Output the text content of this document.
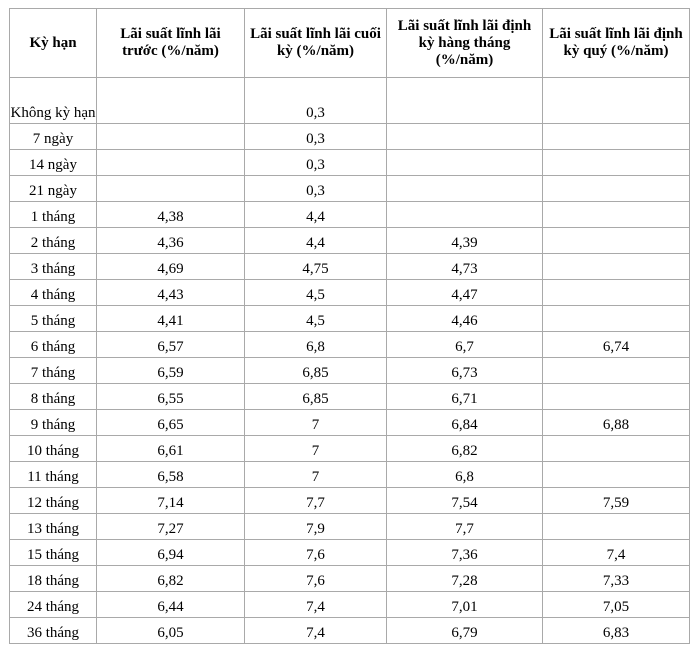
Kỳ hạn	Lãi suất lĩnh lãi trước (%/năm)	Lãi suất lĩnh lãi cuối kỳ (%/năm)	Lãi suất lĩnh lãi định kỳ hàng tháng (%/năm)	Lãi suất lĩnh lãi định kỳ quý (%/năm)
Không kỳ hạn		0,3		
7 ngày		0,3		
14 ngày		0,3		
21 ngày		0,3		
1 tháng	4,38	4,4		
2 tháng	4,36	4,4	4,39	
3 tháng	4,69	4,75	4,73	
4 tháng	4,43	4,5	4,47	
5 tháng	4,41	4,5	4,46	
6 tháng	6,57	6,8	6,7	6,74
7 tháng	6,59	6,85	6,73	
8 tháng	6,55	6,85	6,71	
9 tháng	6,65	7	6,84	6,88
10 tháng	6,61	7	6,82	
11 tháng	6,58	7	6,8	
12 tháng	7,14	7,7	7,54	7,59
13 tháng	7,27	7,9	7,7	
15 tháng	6,94	7,6	7,36	7,4
18 tháng	6,82	7,6	7,28	7,33
24 tháng	6,44	7,4	7,01	7,05
36 tháng	6,05	7,4	6,79	6,83
